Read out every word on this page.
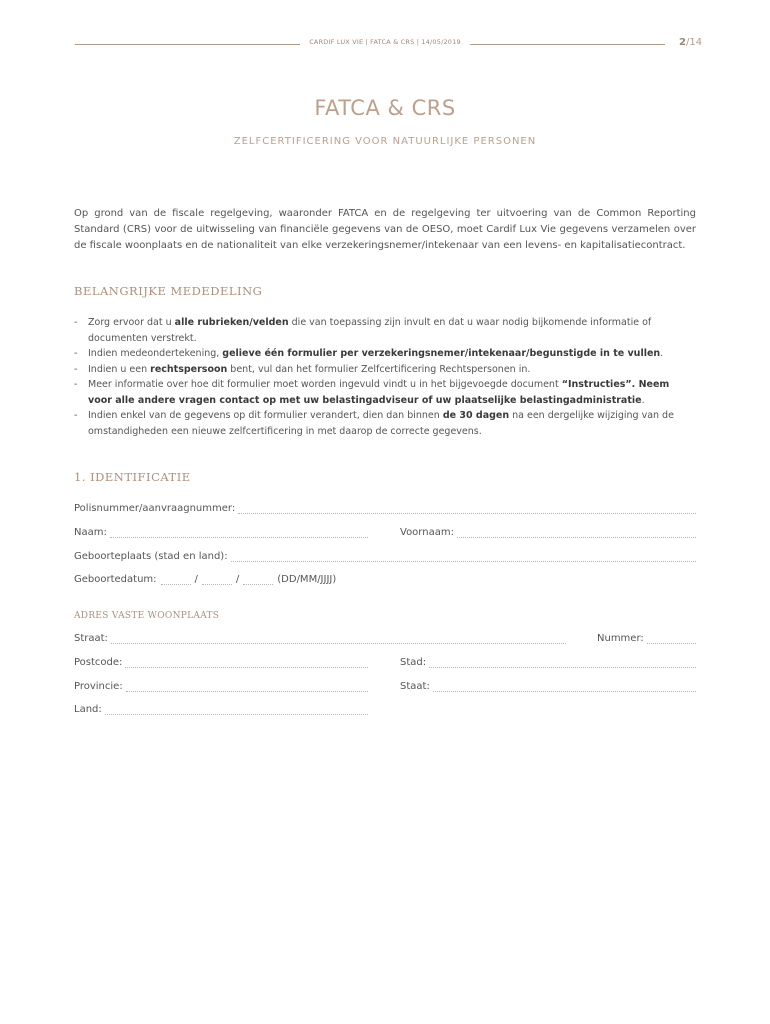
CARDIF LUX VIE | FATCA & CRS | 14/05/2019	2/14
FATCA & CRS
ZELFCERTIFICERING VOOR NATUURLIJKE PERSONEN
Op grond van de fiscale regelgeving, waaronder FATCA en de regelgeving ter uitvoering van de Common Reporting Standard (CRS) voor de uitwisseling van financiële gegevens van de OESO, moet Cardif Lux Vie gegevens verzamelen over de fiscale woonplaats en de nationaliteit van elke verzekeringsnemer/intekenaar van een levens- en kapitalisatiecontract.
BELANGRIJKE MEDEDELING
- Zorg ervoor dat u alle rubrieken/velden die van toepassing zijn invult en dat u waar nodig bijkomende informatie of documenten verstrekt.
- Indien medeondertekening, gelieve één formulier per verzekeringsnemer/intekenaar/begunstigde in te vullen.
- Indien u een rechtspersoon bent, vul dan het formulier Zelfcertificering Rechtspersonen in.
- Meer informatie over hoe dit formulier moet worden ingevuld vindt u in het bijgevoegde document “Instructies”. Neem voor alle andere vragen contact op met uw belastingadviseur of uw plaatselijke belastingadministratie.
- Indien enkel van de gegevens op dit formulier verandert, dien dan binnen de 30 dagen na een dergelijke wijziging van de omstandigheden een nieuwe zelfcertificering in met daarop de correcte gegevens.
1. IDENTIFICATIE
Polisnummer/aanvraagnummer:
Naam:	Voornaam:
Geboorteplaats (stad en land):
Geboortedatum:	/	/	(DD/MM/JJJJ)
ADRES VASTE WOONPLAATS
Straat:	Nummer:
Postcode:	Stad:
Provincie:	Staat:
Land:
